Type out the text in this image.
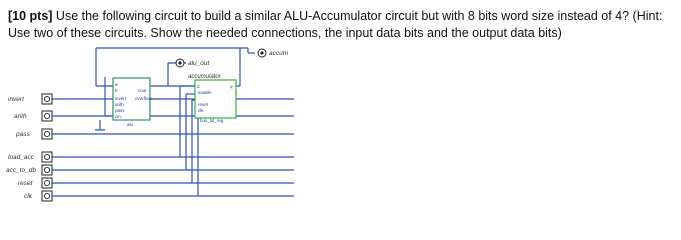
[10 pts] Use the following circuit to build a similar ALU-Accumulator circuit but with 8 bits word size instead of 4? (Hint: Use two of these circuits. Show the needed connections, the input data bits and the output data bits)
a
b	cout
invert overflow
arith
pass
cin
alu
accumulator
d
enable
q
reset
clk
bus_lst_reg
alu_out
accum
invert
arith
pass
load_acc
acc_to_db
reset
clk
